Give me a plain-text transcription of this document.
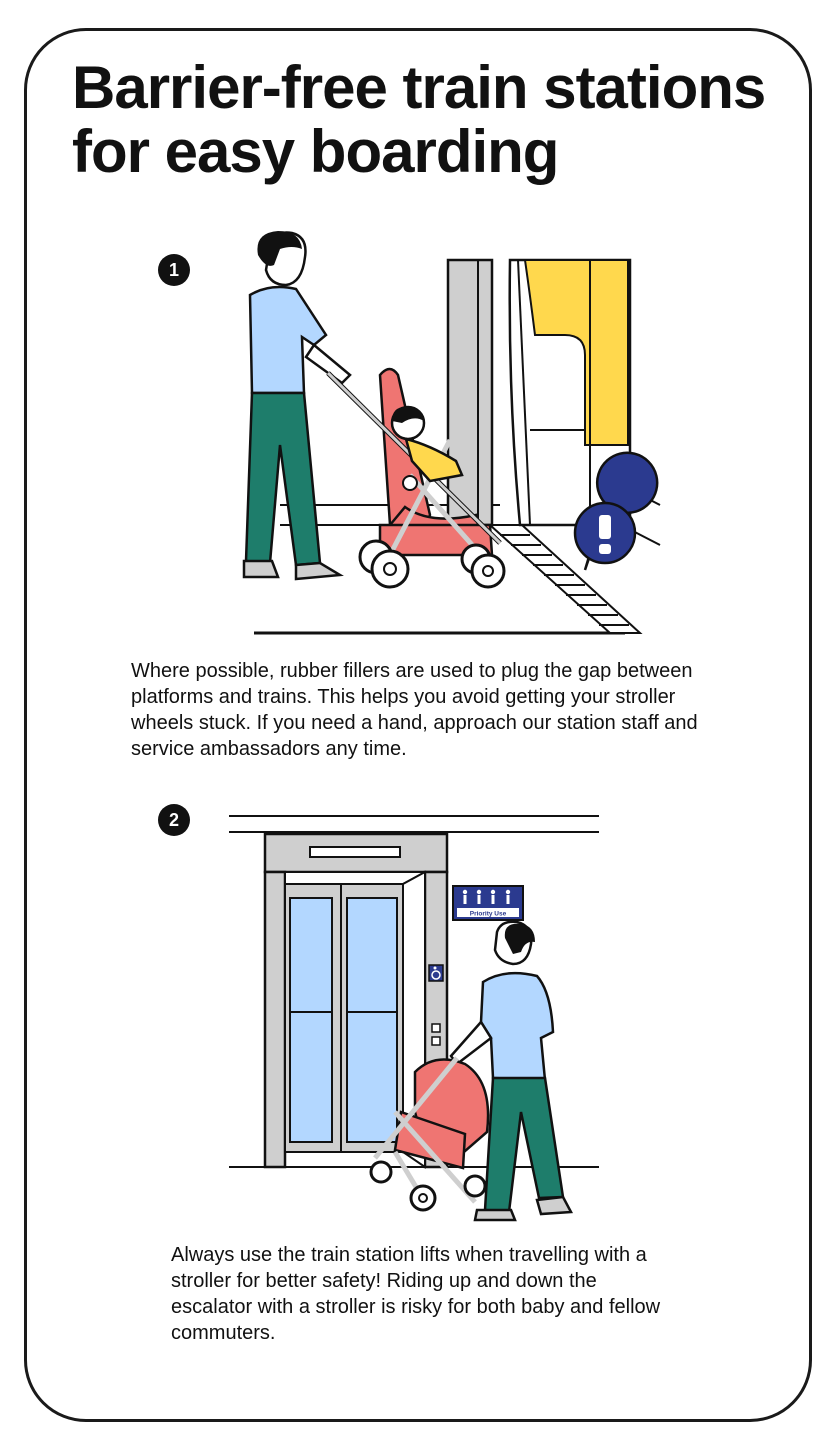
Barrier-free train stations for easy boarding
1

Where possible, rubber fillers are used to plug the gap between platforms and trains. This helps you avoid getting your stroller wheels stuck. If you need a hand, approach our station staff and service ambassadors any time.

2
Priority Use

Always use the train station lifts when travelling with a stroller for better safety! Riding up and down the escalator with a stroller is risky for both baby and fellow commuters.
